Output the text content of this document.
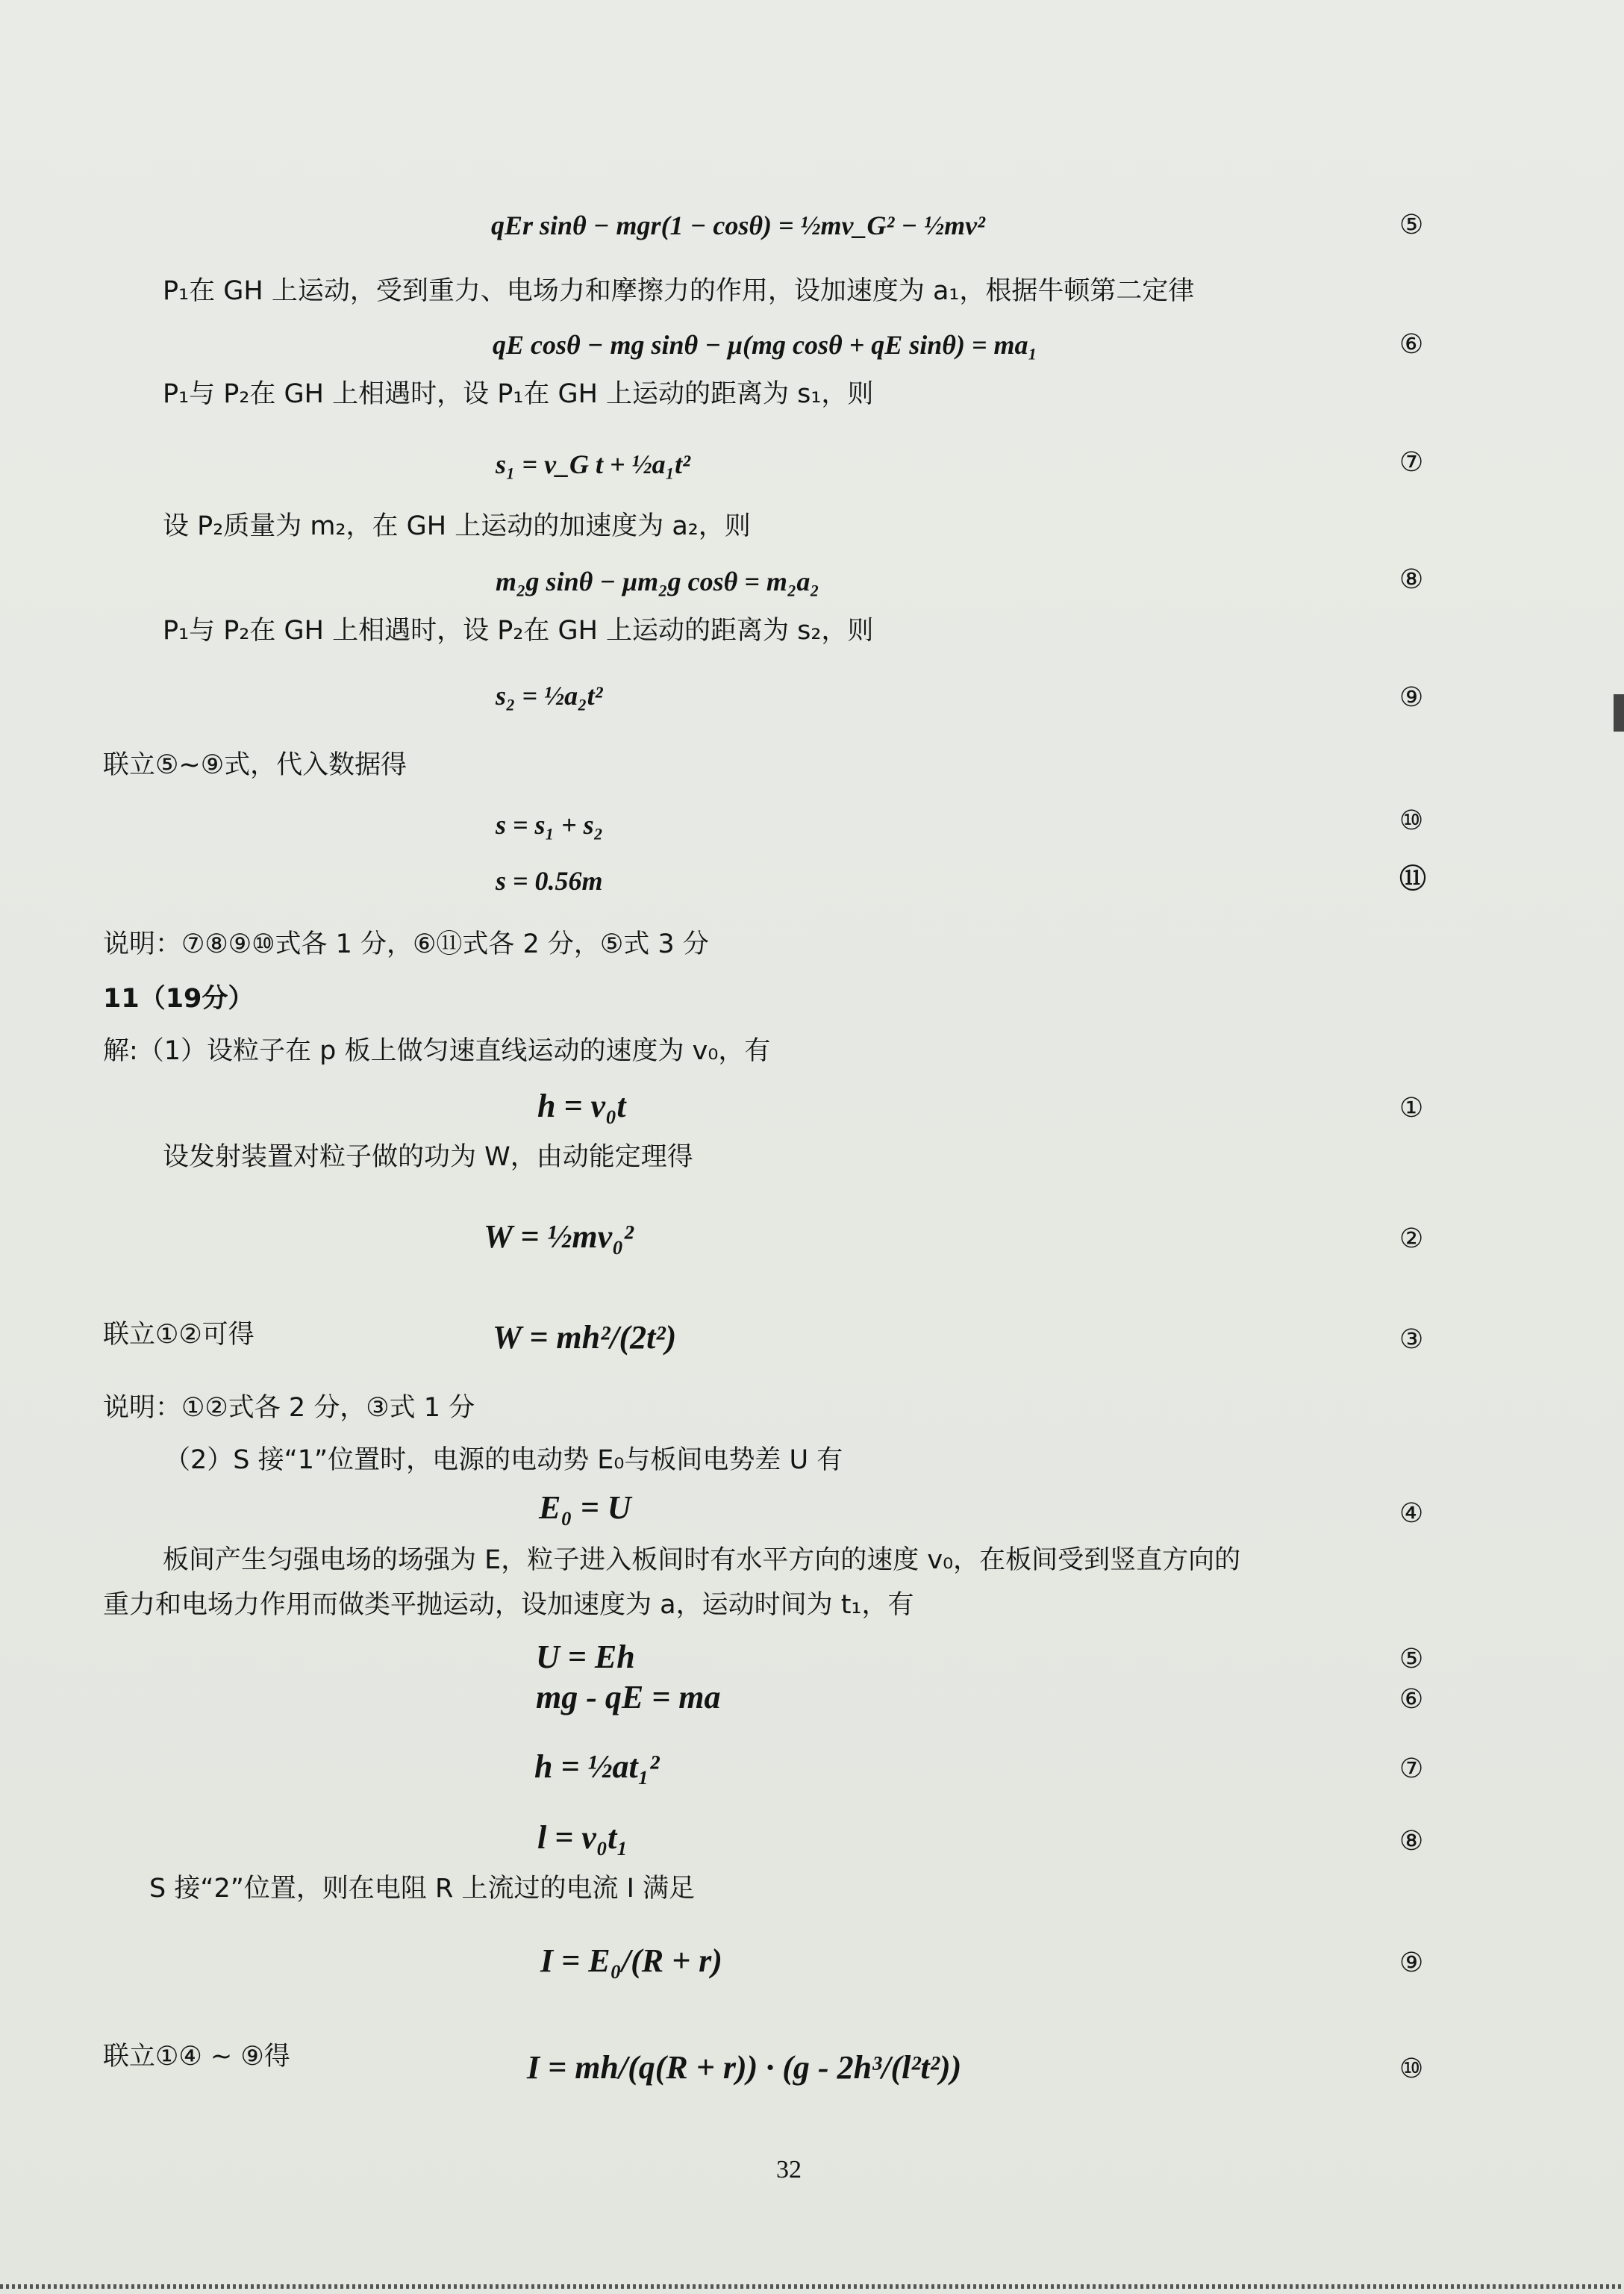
qEr sinθ − mgr(1 − cosθ) = ½mv_G² − ½mv²
qE cosθ − mg sinθ − μ(mg cosθ + qE sinθ) = ma₁
s₁ = v_G t + ½a₁t²
m₂g sinθ − μm₂g cosθ = m₂a₂
s₂ = ½a₂t²
s = s₁ + s₂
s = 0.56m
h = v₀t
W = ½mv₀²
W = mh²/(2t²)
E₀ = U
U = Eh
mg - qE = ma
h = ½at₁²
l = v₀t₁
I = E₀/(R + r)
I = mh/(q(R + r)) · (g - 2h³/(l²t²))
P₁在 GH 上运动，受到重力、电场力和摩擦力的作用，设加速度为 a₁，根据牛顿第二定律
P₁与 P₂在 GH 上相遇时，设 P₁在 GH 上运动的距离为 s₁，则
设 P₂质量为 m₂，在 GH 上运动的加速度为 a₂，则
P₁与 P₂在 GH 上相遇时，设 P₂在 GH 上运动的距离为 s₂，则
联立⑤~⑨式，代入数据得
说明：⑦⑧⑨⑩式各 1 分，⑥⑪式各 2 分，⑤式 3 分
11（19分）
解:（1）设粒子在 p 板上做匀速直线运动的速度为 v₀，有
设发射装置对粒子做的功为 W，由动能定理得
联立①②可得
说明：①②式各 2 分，③式 1 分
（2）S 接“1”位置时，电源的电动势 E₀与板间电势差 U 有
板间产生匀强电场的场强为 E，粒子进入板间时有水平方向的速度 v₀，在板间受到竖直方向的
重力和电场力作用而做类平抛运动，设加速度为 a，运动时间为 t₁，有
S 接“2”位置，则在电阻 R 上流过的电流 I 满足
联立①④ ~ ⑨得
⑤
⑥
⑦
⑧
⑨
⑩
⑪
①
②
③
④
⑤
⑥
⑦
⑧
⑨
⑩
32
